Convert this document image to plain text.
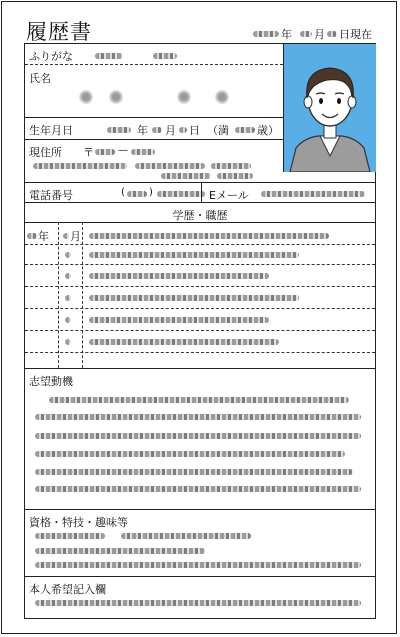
履歴書	年 月 日現在
ふりがな
氏名
生年月日	年 月 日 （満	歳）
現住所 〒 —
電話番号	( )	Eメール
学歴・職歴
年 月
志望動機
資格・特技・趣味等
本人希望記入欄
